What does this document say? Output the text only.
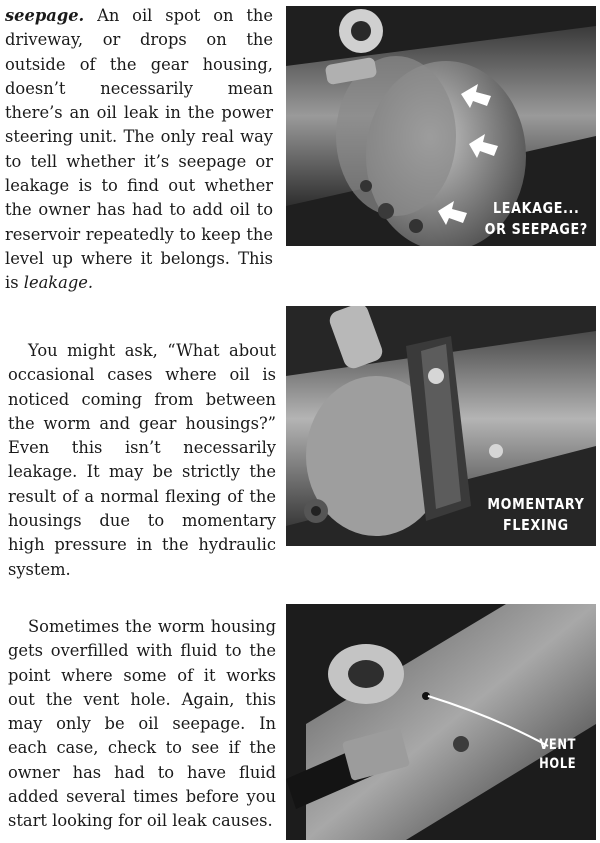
seepage. An oil spot on the driveway, or drops on the outside of the gear housing, doesn’t necessarily mean there’s an oil leak in the power steering unit. The only real way to tell whether it’s seepage or leakage is to find out whether the owner has had to add oil to reservoir repeatedly to keep the level up where it belongs. This is leakage.

You might ask, “What about occasional cases where oil is noticed coming from between the worm and gear housings?” Even this isn’t necessarily leakage. It may be strictly the result of a normal flexing of the housings due to momentary high pressure in the hydraulic system.

Sometimes the worm housing gets overfilled with fluid to the point where some of it works out the vent hole. Again, this may only be oil seepage. In each case, check to see if the owner has had to have fluid added several times before you start looking for oil leak causes.

LEAKAGE...
OR SEEPAGE?
MOMENTARY
FLEXING
VENT
HOLE
